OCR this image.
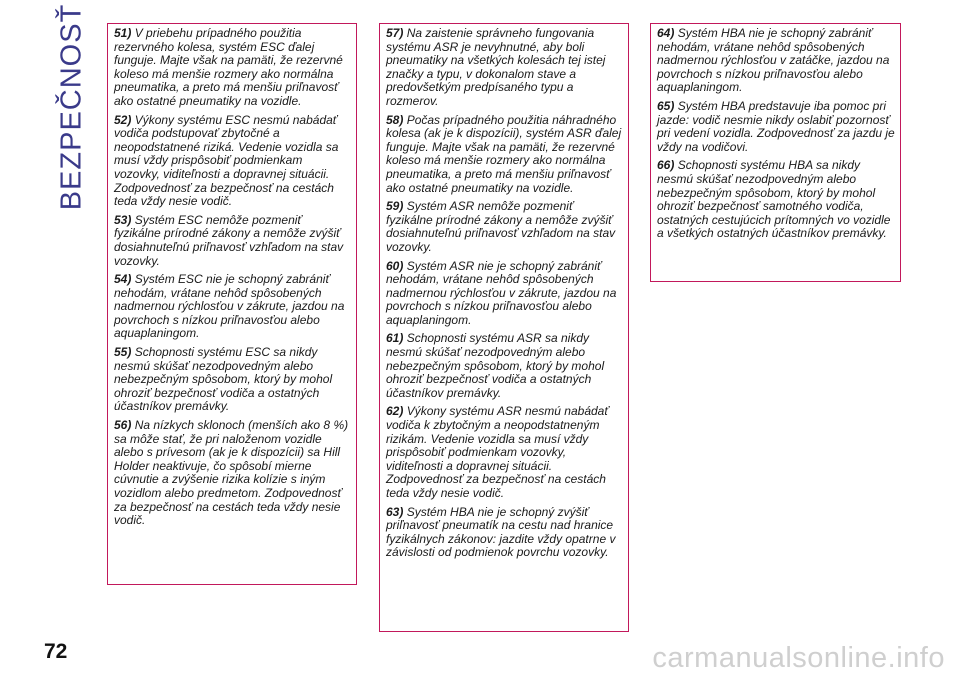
BEZPEČNOSŤ 51) V priebehu prípadného použitia rezervného kolesa, systém ESC ďalej funguje. Majte však na pamäti, že rezervné koleso má menšie rozmery ako normálna pneumatika, a preto má menšiu priľnavosť ako ostatné pneumatiky na vozidle.

52) Výkony systému ESC nesmú nabádať vodiča podstupovať zbytočné a neopodstatnené riziká. Vedenie vozidla sa musí vždy prispôsobiť podmienkam vozovky, viditeľnosti a dopravnej situácii. Zodpovednosť za bezpečnosť na cestách teda vždy nesie vodič.

53) Systém ESC nemôže pozmeniť fyzikálne prírodné zákony a nemôže zvýšiť dosiahnuteľnú priľnavosť vzhľadom na stav vozovky.

54) Systém ESC nie je schopný zabrániť nehodám, vrátane nehôd spôsobených nadmernou rýchlosťou v zákrute, jazdou na povrchoch s nízkou priľnavosťou alebo aquaplaningom.

55) Schopnosti systému ESC sa nikdy nesmú skúšať nezodpovedným alebo nebezpečným spôsobom, ktorý by mohol ohroziť bezpečnosť vodiča a ostatných účastníkov premávky.

56) Na nízkych sklonoch (menších ako 8 %) sa môže stať, že pri naloženom vozidle alebo s prívesom (ak je k dispozícii) sa Hill Holder neaktivuje, čo spôsobí mierne cúvnutie a zvýšenie rizika kolízie s iným vozidlom alebo predmetom. Zodpovednosť za bezpečnosť na cestách teda vždy nesie vodič.

57) Na zaistenie správneho fungovania systému ASR je nevyhnutné, aby boli pneumatiky na všetkých kolesách tej istej značky a typu, v dokonalom stave a predovšetkým predpísaného typu a rozmerov.

58) Počas prípadného použitia náhradného kolesa (ak je k dispozícii), systém ASR ďalej funguje. Majte však na pamäti, že rezervné koleso má menšie rozmery ako normálna pneumatika, a preto má menšiu priľnavosť ako ostatné pneumatiky na vozidle.

59) Systém ASR nemôže pozmeniť fyzikálne prírodné zákony a nemôže zvýšiť dosiahnuteľnú priľnavosť vzhľadom na stav vozovky.

60) Systém ASR nie je schopný zabrániť nehodám, vrátane nehôd spôsobených nadmernou rýchlosťou v zákrute, jazdou na povrchoch s nízkou priľnavosťou alebo aquaplaningom.

61) Schopnosti systému ASR sa nikdy nesmú skúšať nezodpovedným alebo nebezpečným spôsobom, ktorý by mohol ohroziť bezpečnosť vodiča a ostatných účastníkov premávky.

62) Výkony systému ASR nesmú nabádať vodiča k zbytočným a neopodstatneným rizikám. Vedenie vozidla sa musí vždy prispôsobiť podmienkam vozovky, viditeľnosti a dopravnej situácii. Zodpovednosť za bezpečnosť na cestách teda vždy nesie vodič.

63) Systém HBA nie je schopný zvýšiť priľnavosť pneumatík na cestu nad hranice fyzikálnych zákonov: jazdite vždy opatrne v závislosti od podmienok povrchu vozovky.

64) Systém HBA nie je schopný zabrániť nehodám, vrátane nehôd spôsobených nadmernou rýchlosťou v zatáčke, jazdou na povrchoch s nízkou priľnavosťou alebo aquaplaningom.

65) Systém HBA predstavuje iba pomoc pri jazde: vodič nesmie nikdy oslabiť pozornosť pri vedení vozidla. Zodpovednosť za jazdu je vždy na vodičovi.

66) Schopnosti systému HBA sa nikdy nesmú skúšať nezodpovedným alebo nebezpečným spôsobom, ktorý by mohol ohroziť bezpečnosť samotného vodiča, ostatných cestujúcich prítomných vo vozidle a všetkých ostatných účastníkov premávky.

72	carmanualsonline.info
